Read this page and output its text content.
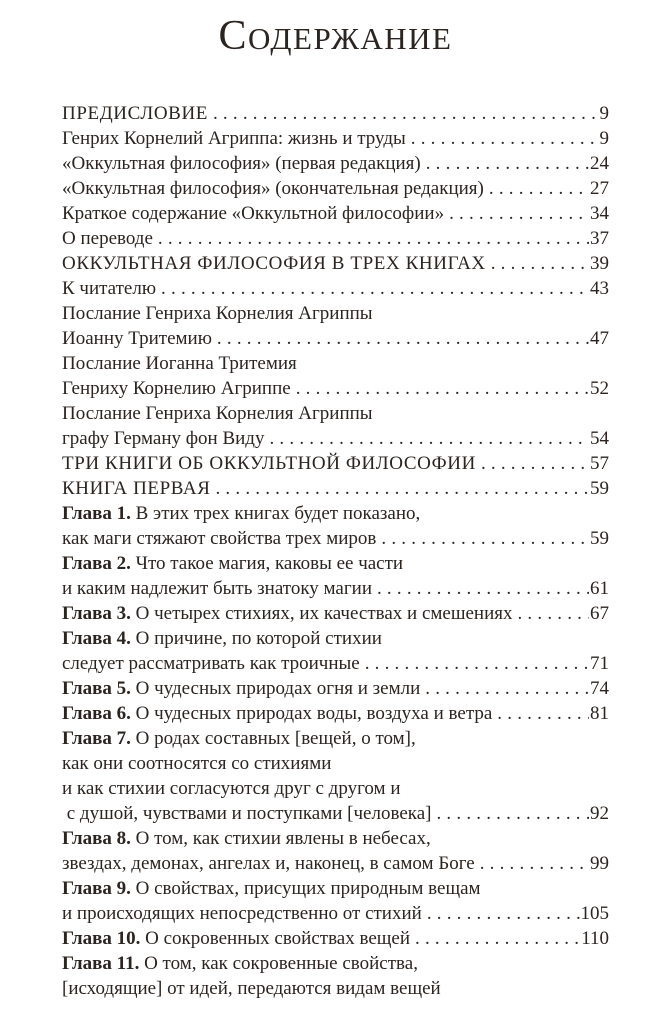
СОДЕРЖАНИЕ
ПРЕДИСЛОВИЕ .....	9
Генрих Корнелий Агриппа: жизнь и труды .....	9
«Оккультная философия» (первая редакция) .....	24
«Оккультная философия» (окончательная редакция) .....	27
Краткое содержание «Оккультной философии» .....	34
О переводе .....	37
ОККУЛЬТНАЯ ФИЛОСОФИЯ В ТРЕХ КНИГАХ .....	39
К читателю .....	43
Послание Генриха Корнелия Агриппы
Иоанну Тритемию .....	47
Послание Иоганна Тритемия
Генриху Корнелию Агриппе .....	52
Послание Генриха Корнелия Агриппы
графу Герману фон Виду .....	54
ТРИ КНИГИ ОБ ОККУЛЬТНОЙ ФИЛОСОФИИ .....	57
КНИГА ПЕРВАЯ .....	59
Глава 1. В этих трех книгах будет показано,
как маги стяжают свойства трех миров .....	59
Глава 2. Что такое магия, каковы ее части
и каким надлежит быть знатоку магии .....	61
Глава 3. О четырех стихиях, их качествах и смешениях .....	67
Глава 4. О причине, по которой стихии
следует рассматривать как троичные .....	71
Глава 5. О чудесных природах огня и земли .....	74
Глава 6. О чудесных природах воды, воздуха и ветра .....	81
Глава 7. О родах составных [вещей, о том],
как они соотносятся со стихиями
и как стихии согласуются друг с другом и
с душой, чувствами и поступками [человека] .....	92
Глава 8. О том, как стихии явлены в небесах,
звездах, демонах, ангелах и, наконец, в самом Боге .....	99
Глава 9. О свойствах, присущих природным вещам
и происходящих непосредственно от стихий .....	105
Глава 10. О сокровенных свойствах вещей .....	110
Глава 11. О том, как сокровенные свойства,
[исходящие] от идей, передаются видам вещей
